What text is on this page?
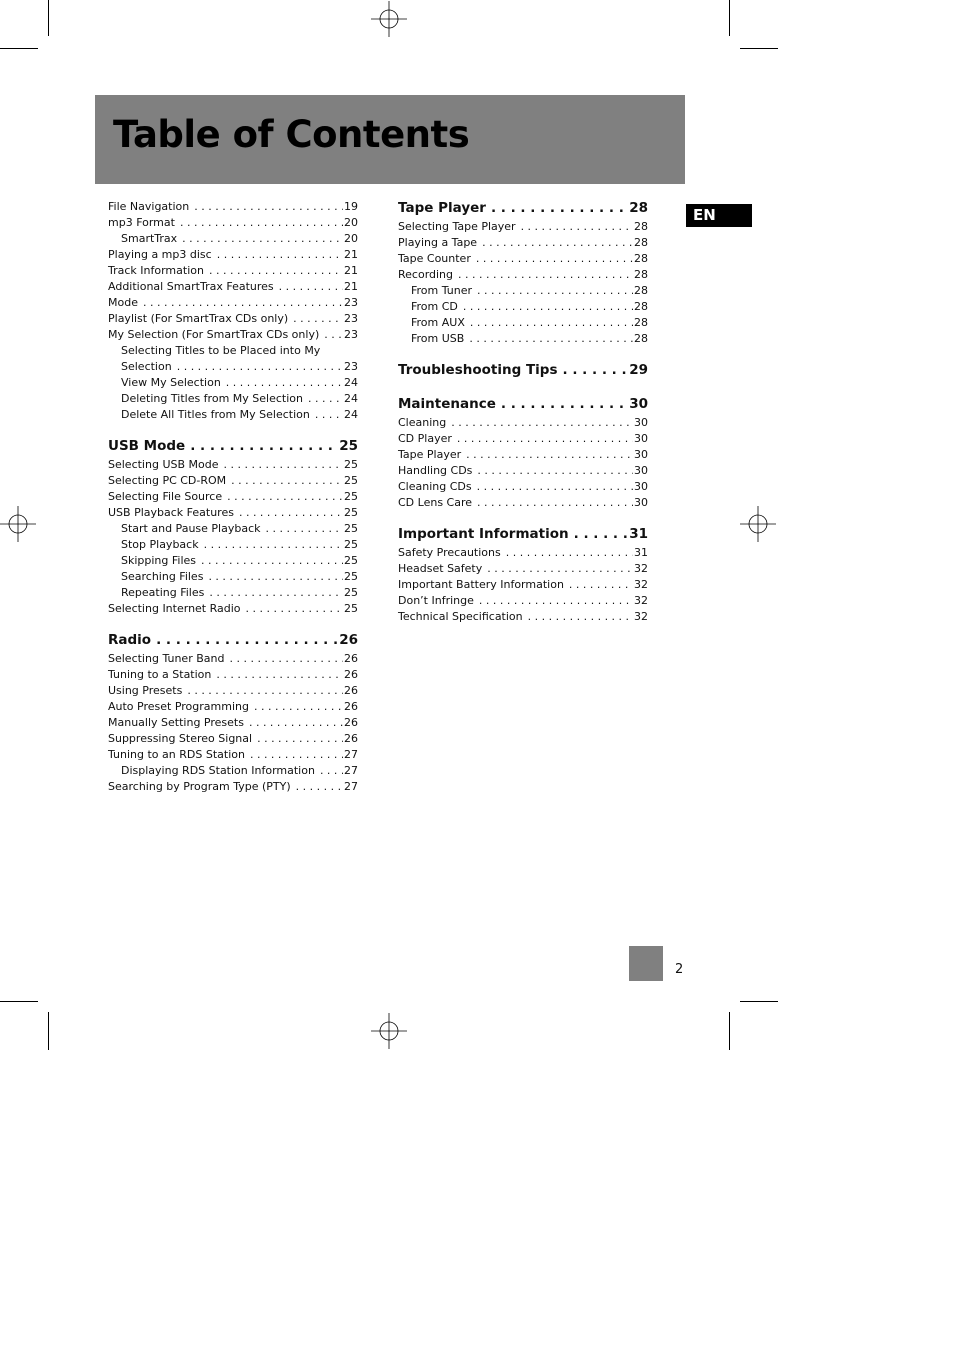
Table of Contents
EN
File Navigation . . .	19
mp3 Format . . .	20
SmartTrax . . .	20
Playing a mp3 disc . . .	21
Track Information . . .	21
Additional SmartTrax Features . . .	21
Mode . . .	23
Playlist (For SmartTrax CDs only) . . .	23
My Selection (For SmartTrax CDs only) . . . 23
Selecting Titles to be Placed into My
Selection . . .	23
View My Selection . . .	24
Deleting Titles from My Selection . . .	24
Delete All Titles from My Selection . . .	24
USB Mode . . .	25
Selecting USB Mode . . .	25
Selecting PC CD-ROM . . .	25
Selecting File Source . . .	25
USB Playback Features . . .	25
Start and Pause Playback . . .	25
Stop Playback . . .	25
Skipping Files . . .	25
Searching Files . . .	25
Repeating Files . . .	25
Selecting Internet Radio . . .	25
Radio . . .	26
Selecting Tuner Band . . .	26
Tuning to a Station . . .	26
Using Presets . . .	26
Auto Preset Programming . . .	26
Manually Setting Presets . . .	26
Suppressing Stereo Signal . . .	26
Tuning to an RDS Station . . .	27
Displaying RDS Station Information . . .	27
Searching by Program Type (PTY) . . .	27
Tape Player . . .	28
Selecting Tape Player . . .	28
Playing a Tape . . .	28
Tape Counter . . .	28
Recording . . .	28
From Tuner . . .	28
From CD . . .	28
From AUX . . .	28
From USB . . .	28
Troubleshooting Tips . . .	29
Maintenance . . .	30
Cleaning . . .	30
CD Player . . .	30
Tape Player . . .	30
Handling CDs . . .	30
Cleaning CDs . . .	30
CD Lens Care . . .	30
Important Information . . .	31
Safety Precautions . . .	31
Headset Safety . . .	32
Important Battery Information . . .	32
Don’t Infringe . . .	32
Technical Specification . . .	32
2
